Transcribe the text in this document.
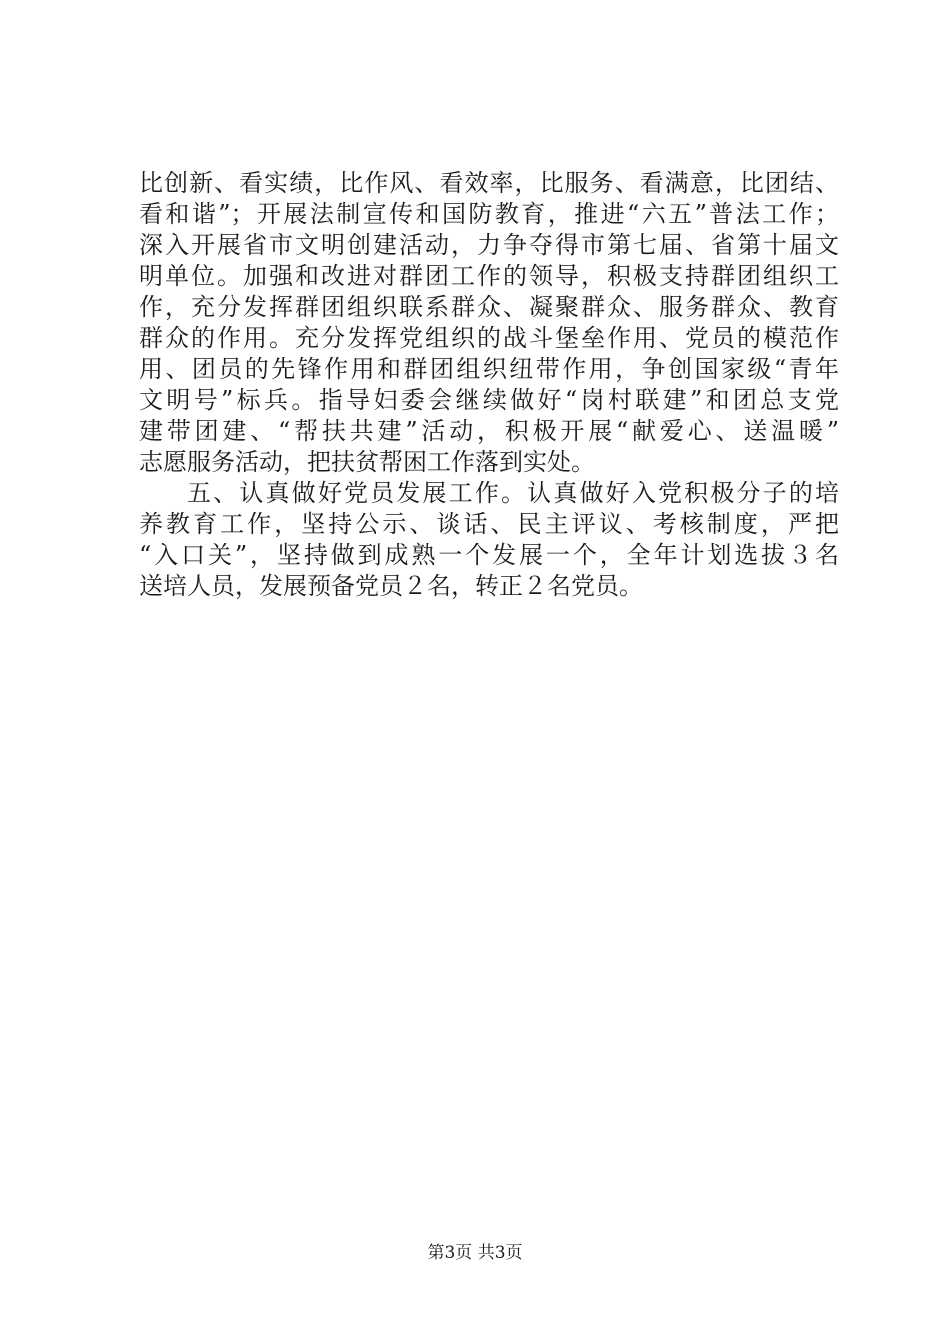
比创新、看实绩，比作风、看效率，比服务、看满意，比团结、
看和谐”；开展法制宣传和国防教育，推进“六五”普法工作；
深入开展省市文明创建活动，力争夺得市第七届、省第十届文
明单位。加强和改进对群团工作的领导，积极支持群团组织工
作，充分发挥群团组织联系群众、凝聚群众、服务群众、教育
群众的作用。充分发挥党组织的战斗堡垒作用、党员的模范作
用、团员的先锋作用和群团组织纽带作用，争创国家级“青年
文明号”标兵。指导妇委会继续做好“岗村联建”和团总支党
建带团建、“帮扶共建”活动，积极开展“献爱心、送温暖”
志愿服务活动，把扶贫帮困工作落到实处。
五、认真做好党员发展工作。认真做好入党积极分子的培
养教育工作，坚持公示、谈话、民主评议、考核制度，严把
“入口关”，坚持做到成熟一个发展一个，全年计划选拔３名
送培人员，发展预备党员２名，转正２名党员。
第3页 共3页
